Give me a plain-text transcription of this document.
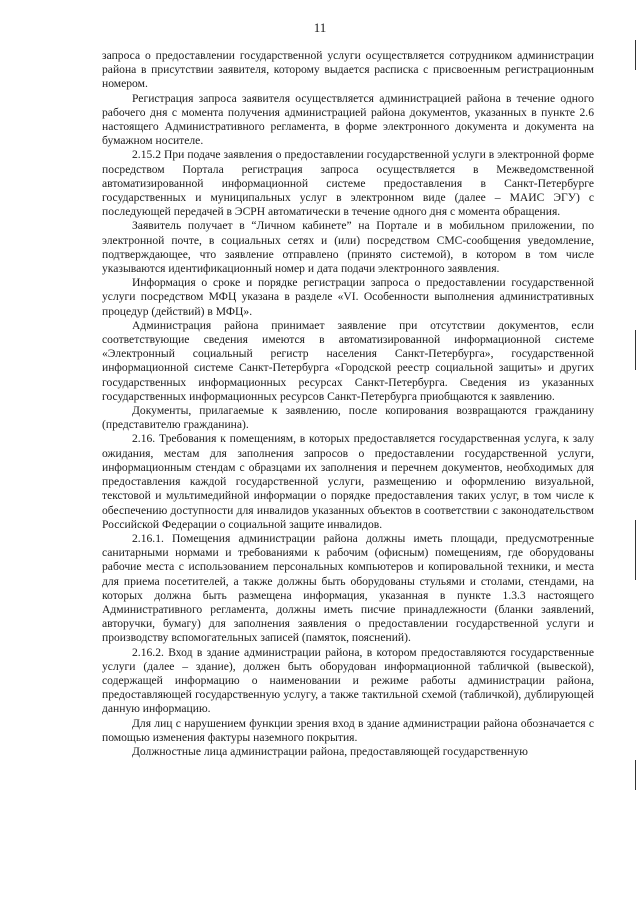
11

запроса о предоставлении государственной услуги осуществляется сотрудником администрации района в присутствии заявителя, которому выдается расписка с присвоенным регистрационным номером.

Регистрация запроса заявителя осуществляется администрацией района в течение одного рабочего дня с момента получения администрацией района документов, указанных в пункте 2.6 настоящего Административного регламента, в форме электронного документа и документа на бумажном носителе.

2.15.2 При подаче заявления о предоставлении государственной услуги в электронной форме посредством Портала регистрация запроса осуществляется в Межведомственной автоматизированной информационной системе предоставления в Санкт-Петербурге государственных и муниципальных услуг в электронном виде (далее – МАИС ЭГУ) с последующей передачей в ЭСРН автоматически в течение одного дня с момента обращения.

Заявитель получает в “Личном кабинете” на Портале и в мобильном приложении, по электронной почте, в социальных сетях и (или) посредством СМС-сообщения уведомление, подтверждающее, что заявление отправлено (принято системой), в котором в том числе указываются идентификационный номер и дата подачи электронного заявления.

Информация о сроке и порядке регистрации запроса о предоставлении государственной услуги посредством МФЦ указана в разделе «VI. Особенности выполнения административных процедур (действий) в МФЦ».

Администрация района принимает заявление при отсутствии документов, если соответствующие сведения имеются в автоматизированной информационной системе «Электронный социальный регистр населения Санкт-Петербурга», государственной информационной системе Санкт-Петербурга «Городской реестр социальной защиты» и других государственных информационных ресурсах Санкт-Петербурга. Сведения из указанных государственных информационных ресурсов Санкт-Петербурга приобщаются к заявлению.

Документы, прилагаемые к заявлению, после копирования возвращаются гражданину (представителю гражданина).

2.16. Требования к помещениям, в которых предоставляется государственная услуга, к залу ожидания, местам для заполнения запросов о предоставлении государственной услуги, информационным стендам с образцами их заполнения и перечнем документов, необходимых для предоставления каждой государственной услуги, размещению и оформлению визуальной, текстовой и мультимедийной информации о порядке предоставления таких услуг, в том числе к обеспечению доступности для инвалидов указанных объектов в соответствии с законодательством Российской Федерации о социальной защите инвалидов.

2.16.1. Помещения администрации района должны иметь площади, предусмотренные санитарными нормами и требованиями к рабочим (офисным) помещениям, где оборудованы рабочие места с использованием персональных компьютеров и копировальной техники, и места для приема посетителей, а также должны быть оборудованы стульями и столами, стендами, на которых должна быть размещена информация, указанная в пункте 1.3.3 настоящего Административного регламента, должны иметь писчие принадлежности (бланки заявлений, авторучки, бумагу) для заполнения заявления о предоставлении государственной услуги и производству вспомогательных записей (памяток, пояснений).

2.16.2. Вход в здание администрации района, в котором предоставляются государственные услуги (далее – здание), должен быть оборудован информационной табличкой (вывеской), содержащей информацию о наименовании и режиме работы администрации района, предоставляющей государственную услугу, а также тактильной схемой (табличкой), дублирующей данную информацию.

Для лиц с нарушением функции зрения вход в здание администрации района обозначается с помощью изменения фактуры наземного покрытия.

Должностные лица администрации района, предоставляющей государственную
